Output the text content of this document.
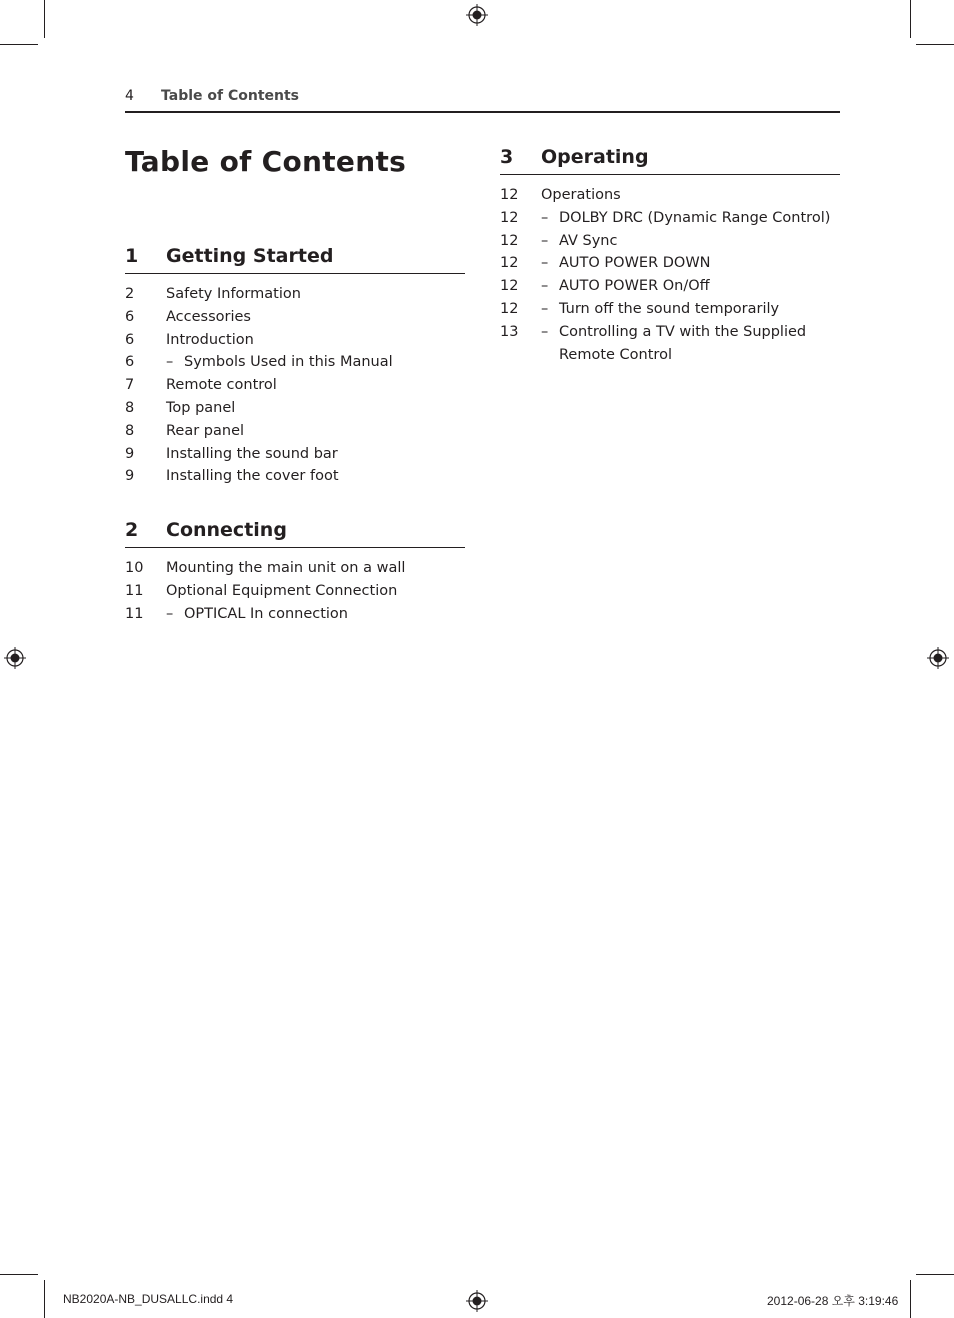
4 Table of Contents
Table of Contents
1 Getting Started
2 Safety Information
6 Accessories
6 Introduction
6	– Symbols Used in this Manual
7 Remote control
8 Top panel
8 Rear panel
9 Installing the sound bar
9 Installing the cover foot
2 Connecting
10 Mounting the main unit on a wall
11 Optional Equipment Connection
11	– OPTICAL In connection
3 Operating
12 Operations
12	– DOLBY DRC (Dynamic Range Control)
12	– AV Sync
12	– AUTO POWER DOWN
12	– AUTO POWER On/Off
12	– Turn off the sound temporarily
13	– Controlling a TV with the Supplied Remote Control
NB2020A-NB_DUSALLC.indd 4	2012-06-28 오후 3:19:46
